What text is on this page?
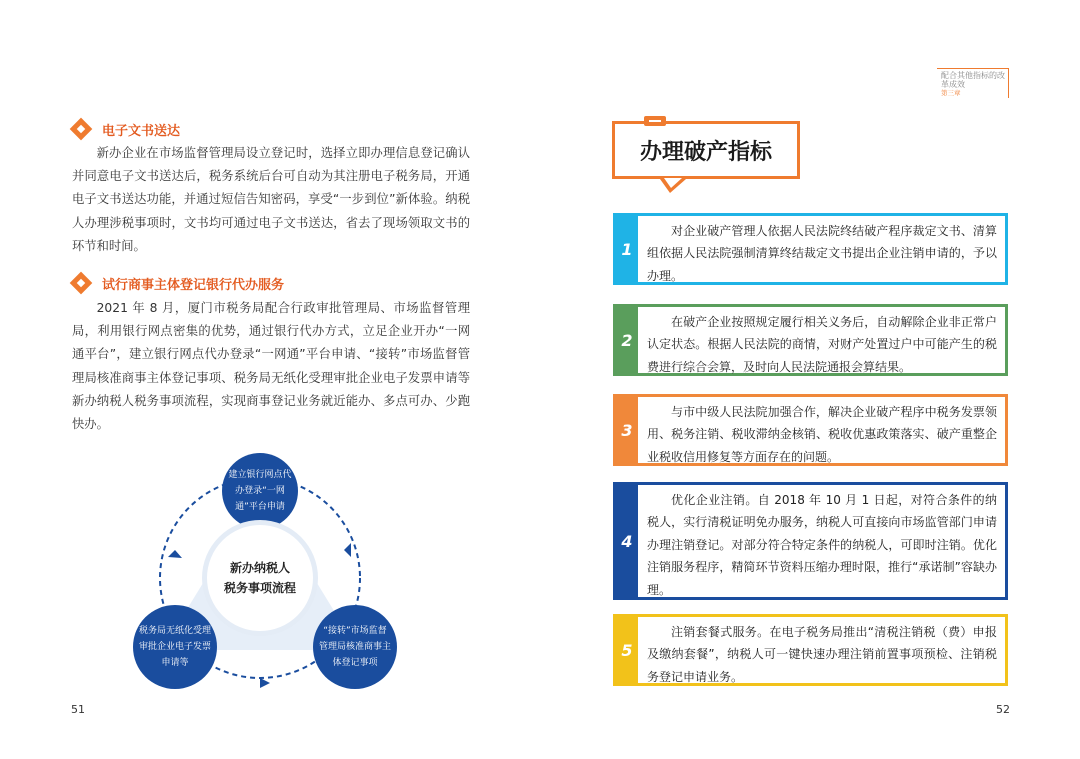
电子文书送达

新办企业在市场监督管理局设立登记时，选择立即办理信息登记确认并同意电子文书送达后，税务系统后台可自动为其注册电子税务局，开通电子文书送达功能，并通过短信告知密码，享受“一步到位”新体验。纳税人办理涉税事项时，文书均可通过电子文书送达，省去了现场领取文书的环节和时间。

试行商事主体登记银行代办服务

2021 年 8 月，厦门市税务局配合行政审批管理局、市场监督管理局，利用银行网点密集的优势，通过银行代办方式，立足企业开办“一网通平台”，建立银行网点代办登录“一网通”平台申请、“接转”市场监督管理局核准商事主体登记事项、税务局无纸化受理审批企业电子发票申请等新办纳税人税务事项流程，实现商事登记业务就近能办、多点可办、少跑快办。

建立银行网点代办登录“一网通”平台申请
税务局无纸化受理审批企业电子发票申请等
“接转”市场监督管理局核准商事主体登记事项
新办纳税人
税务事项流程
51
配合其他指标的改革成效
第三章
办理破产指标
1

对企业破产管理人依据人民法院终结破产程序裁定文书、清算组依据人民法院强制清算终结裁定文书提出企业注销申请的，予以办理。

2

在破产企业按照规定履行相关义务后，自动解除企业非正常户认定状态。根据人民法院的商情，对财产处置过户中可能产生的税费进行综合会算，及时向人民法院通报会算结果。

3

与市中级人民法院加强合作，解决企业破产程序中税务发票领用、税务注销、税收滞纳金核销、税收优惠政策落实、破产重整企业税收信用修复等方面存在的问题。

4

优化企业注销。自 2018 年 10 月 1 日起，对符合条件的纳税人，实行清税证明免办服务，纳税人可直接向市场监管部门申请办理注销登记。对部分符合特定条件的纳税人，可即时注销。优化注销服务程序，精简环节资料压缩办理时限，推行“承诺制”容缺办理。

5

注销套餐式服务。在电子税务局推出“清税注销税（费）申报及缴纳套餐”，纳税人可一键快速办理注销前置事项预检、注销税务登记申请业务。

52
